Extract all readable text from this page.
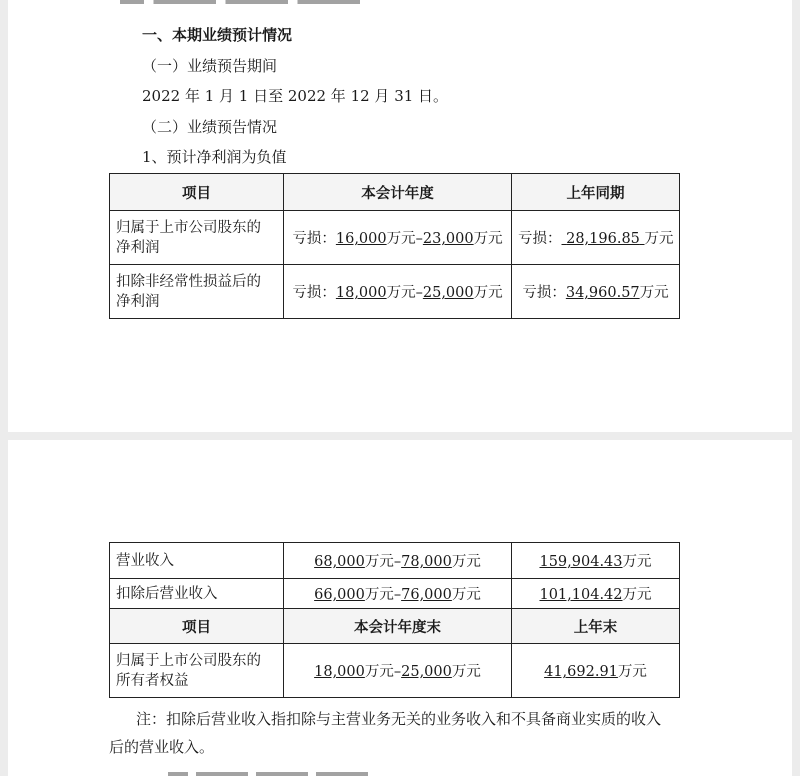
一、本期业绩预计情况
（一）业绩预告期间
2022 年 1 月 1 日至 2022 年 12 月 31 日。
（二）业绩预告情况
1、预计净利润为负值
项目	本会计年度	上年同期
归属于上市公司股东的
净利润	亏损：16,000万元–23,000万元	亏损： 28,196.85 万元
扣除非经常性损益后的
净利润	亏损：18,000万元–25,000万元	亏损：34,960.57万元
营业收入	68,000万元–78,000万元	159,904.43万元
扣除后营业收入	66,000万元–76,000万元	101,104.42万元
项目	本会计年度末	上年末
归属于上市公司股东的
所有者权益	18,000万元–25,000万元	41,692.91万元
注：扣除后营业收入指扣除与主营业务无关的业务收入和不具备商业实质的收入
后的营业收入。
